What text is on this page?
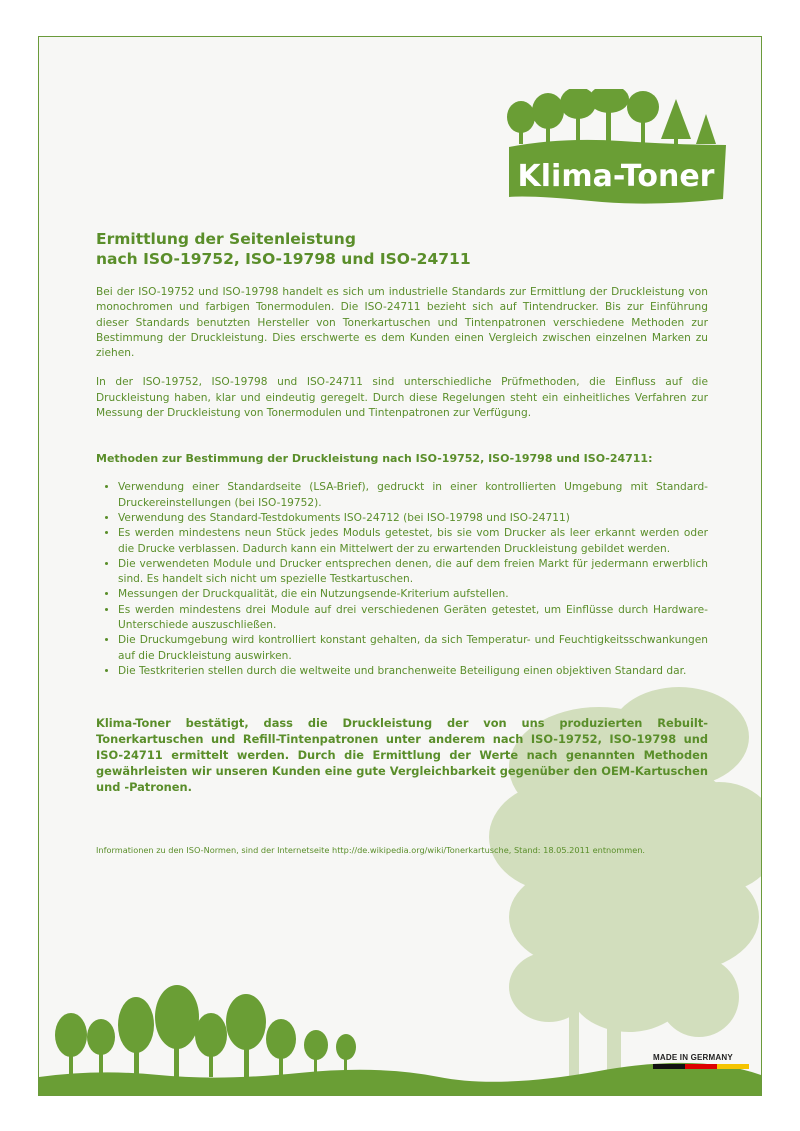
Klima-Toner
MADE IN GERMANY
Ermittlung der Seitenleistung
nach ISO-19752, ISO-19798 und ISO-24711
Bei der ISO-19752 und ISO-19798 handelt es sich um industrielle Standards zur Ermittlung der Druckleistung von monochromen und farbigen Tonermodulen. Die ISO-24711 bezieht sich auf Tintendrucker. Bis zur Einführung dieser Standards benutzten Hersteller von Tonerkartuschen und Tintenpatronen verschiedene Methoden zur Bestimmung der Druckleistung. Dies erschwerte es dem Kunden einen Vergleich zwischen einzelnen Marken zu ziehen.
In der ISO-19752, ISO-19798 und ISO-24711 sind unterschiedliche Prüfmethoden, die Einfluss auf die Druckleistung haben, klar und eindeutig geregelt. Durch diese Regelungen steht ein einheitliches Verfahren zur Messung der Druckleistung von Tonermodulen und Tintenpatronen zur Verfügung.
Methoden zur Bestimmung der Druckleistung nach ISO-19752, ISO-19798 und ISO-24711:
• Verwendung einer Standardseite (LSA-Brief), gedruckt in einer kontrollierten Umgebung mit Standard-Druckereinstellungen (bei ISO-19752).
• Verwendung des Standard-Testdokuments ISO-24712 (bei ISO-19798 und ISO-24711)
• Es werden mindestens neun Stück jedes Moduls getestet, bis sie vom Drucker als leer erkannt werden oder die Drucke verblassen. Dadurch kann ein Mittelwert der zu erwartenden Druckleistung gebildet werden.
• Die verwendeten Module und Drucker entsprechen denen, die auf dem freien Markt für jedermann erwerblich sind. Es handelt sich nicht um spezielle Testkartuschen.
• Messungen der Druckqualität, die ein Nutzungsende-Kriterium aufstellen.
• Es werden mindestens drei Module auf drei verschiedenen Geräten getestet, um Einflüsse durch Hardware-Unterschiede auszuschließen.
• Die Druckumgebung wird kontrolliert konstant gehalten, da sich Temperatur- und Feuchtigkeitsschwankungen auf die Druckleistung auswirken.
• Die Testkriterien stellen durch die weltweite und branchenweite Beteiligung einen objektiven Standard dar.
Klima-Toner bestätigt, dass die Druckleistung der von uns produzierten Rebuilt-Tonerkartuschen und Refill-Tintenpatronen unter anderem nach ISO-19752, ISO-19798 und ISO-24711 ermittelt werden. Durch die Ermittlung der Werte nach genannten Methoden gewährleisten wir unseren Kunden eine gute Vergleichbarkeit gegenüber den OEM-Kartuschen und -Patronen.
Informationen zu den ISO-Normen, sind der Internetseite http://de.wikipedia.org/wiki/Tonerkartusche, Stand: 18.05.2011 entnommen.
